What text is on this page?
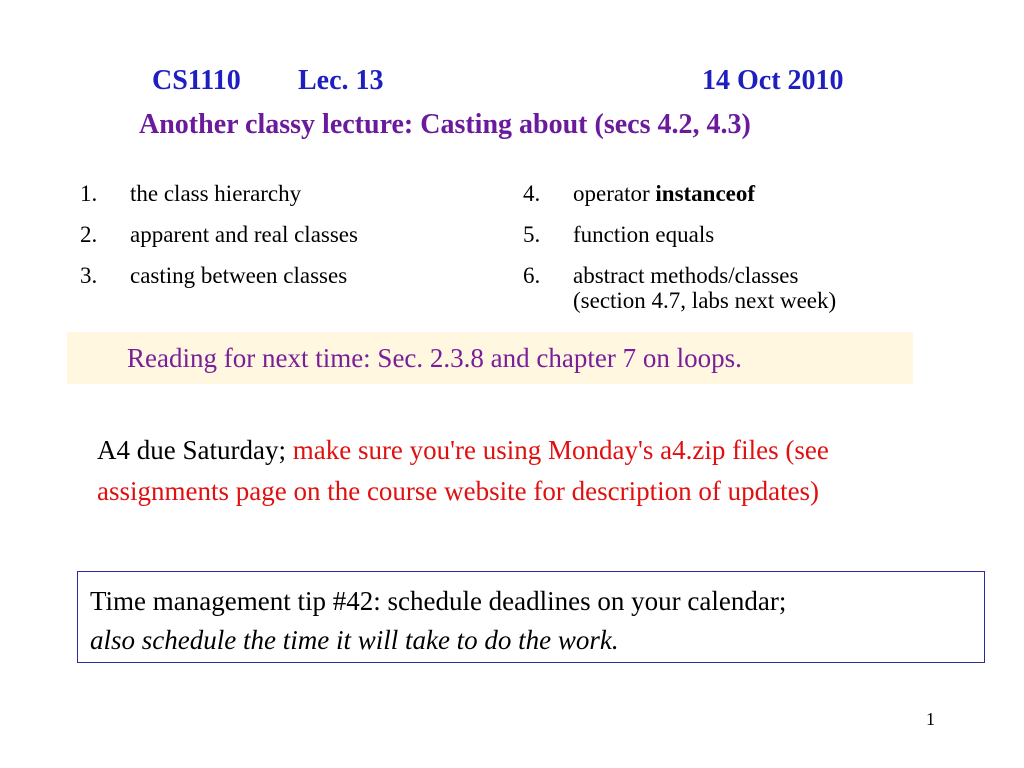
CS1110 Lec. 13	14 Oct 2010
Another classy lecture: Casting about (secs 4.2, 4.3)
1. the class hierarchy
2. apparent and real classes
3. casting between classes
4. operator instanceof
5. function equals
6. abstract methods/classes
(section 4.7, labs next week)
Reading for next time: Sec. 2.3.8 and chapter 7 on loops.
A4 due Saturday; make sure you're using Monday's a4.zip files (see assignments page on the course website for description of updates)
Time management tip #42: schedule deadlines on your calendar;
also schedule the time it will take to do the work.
1
